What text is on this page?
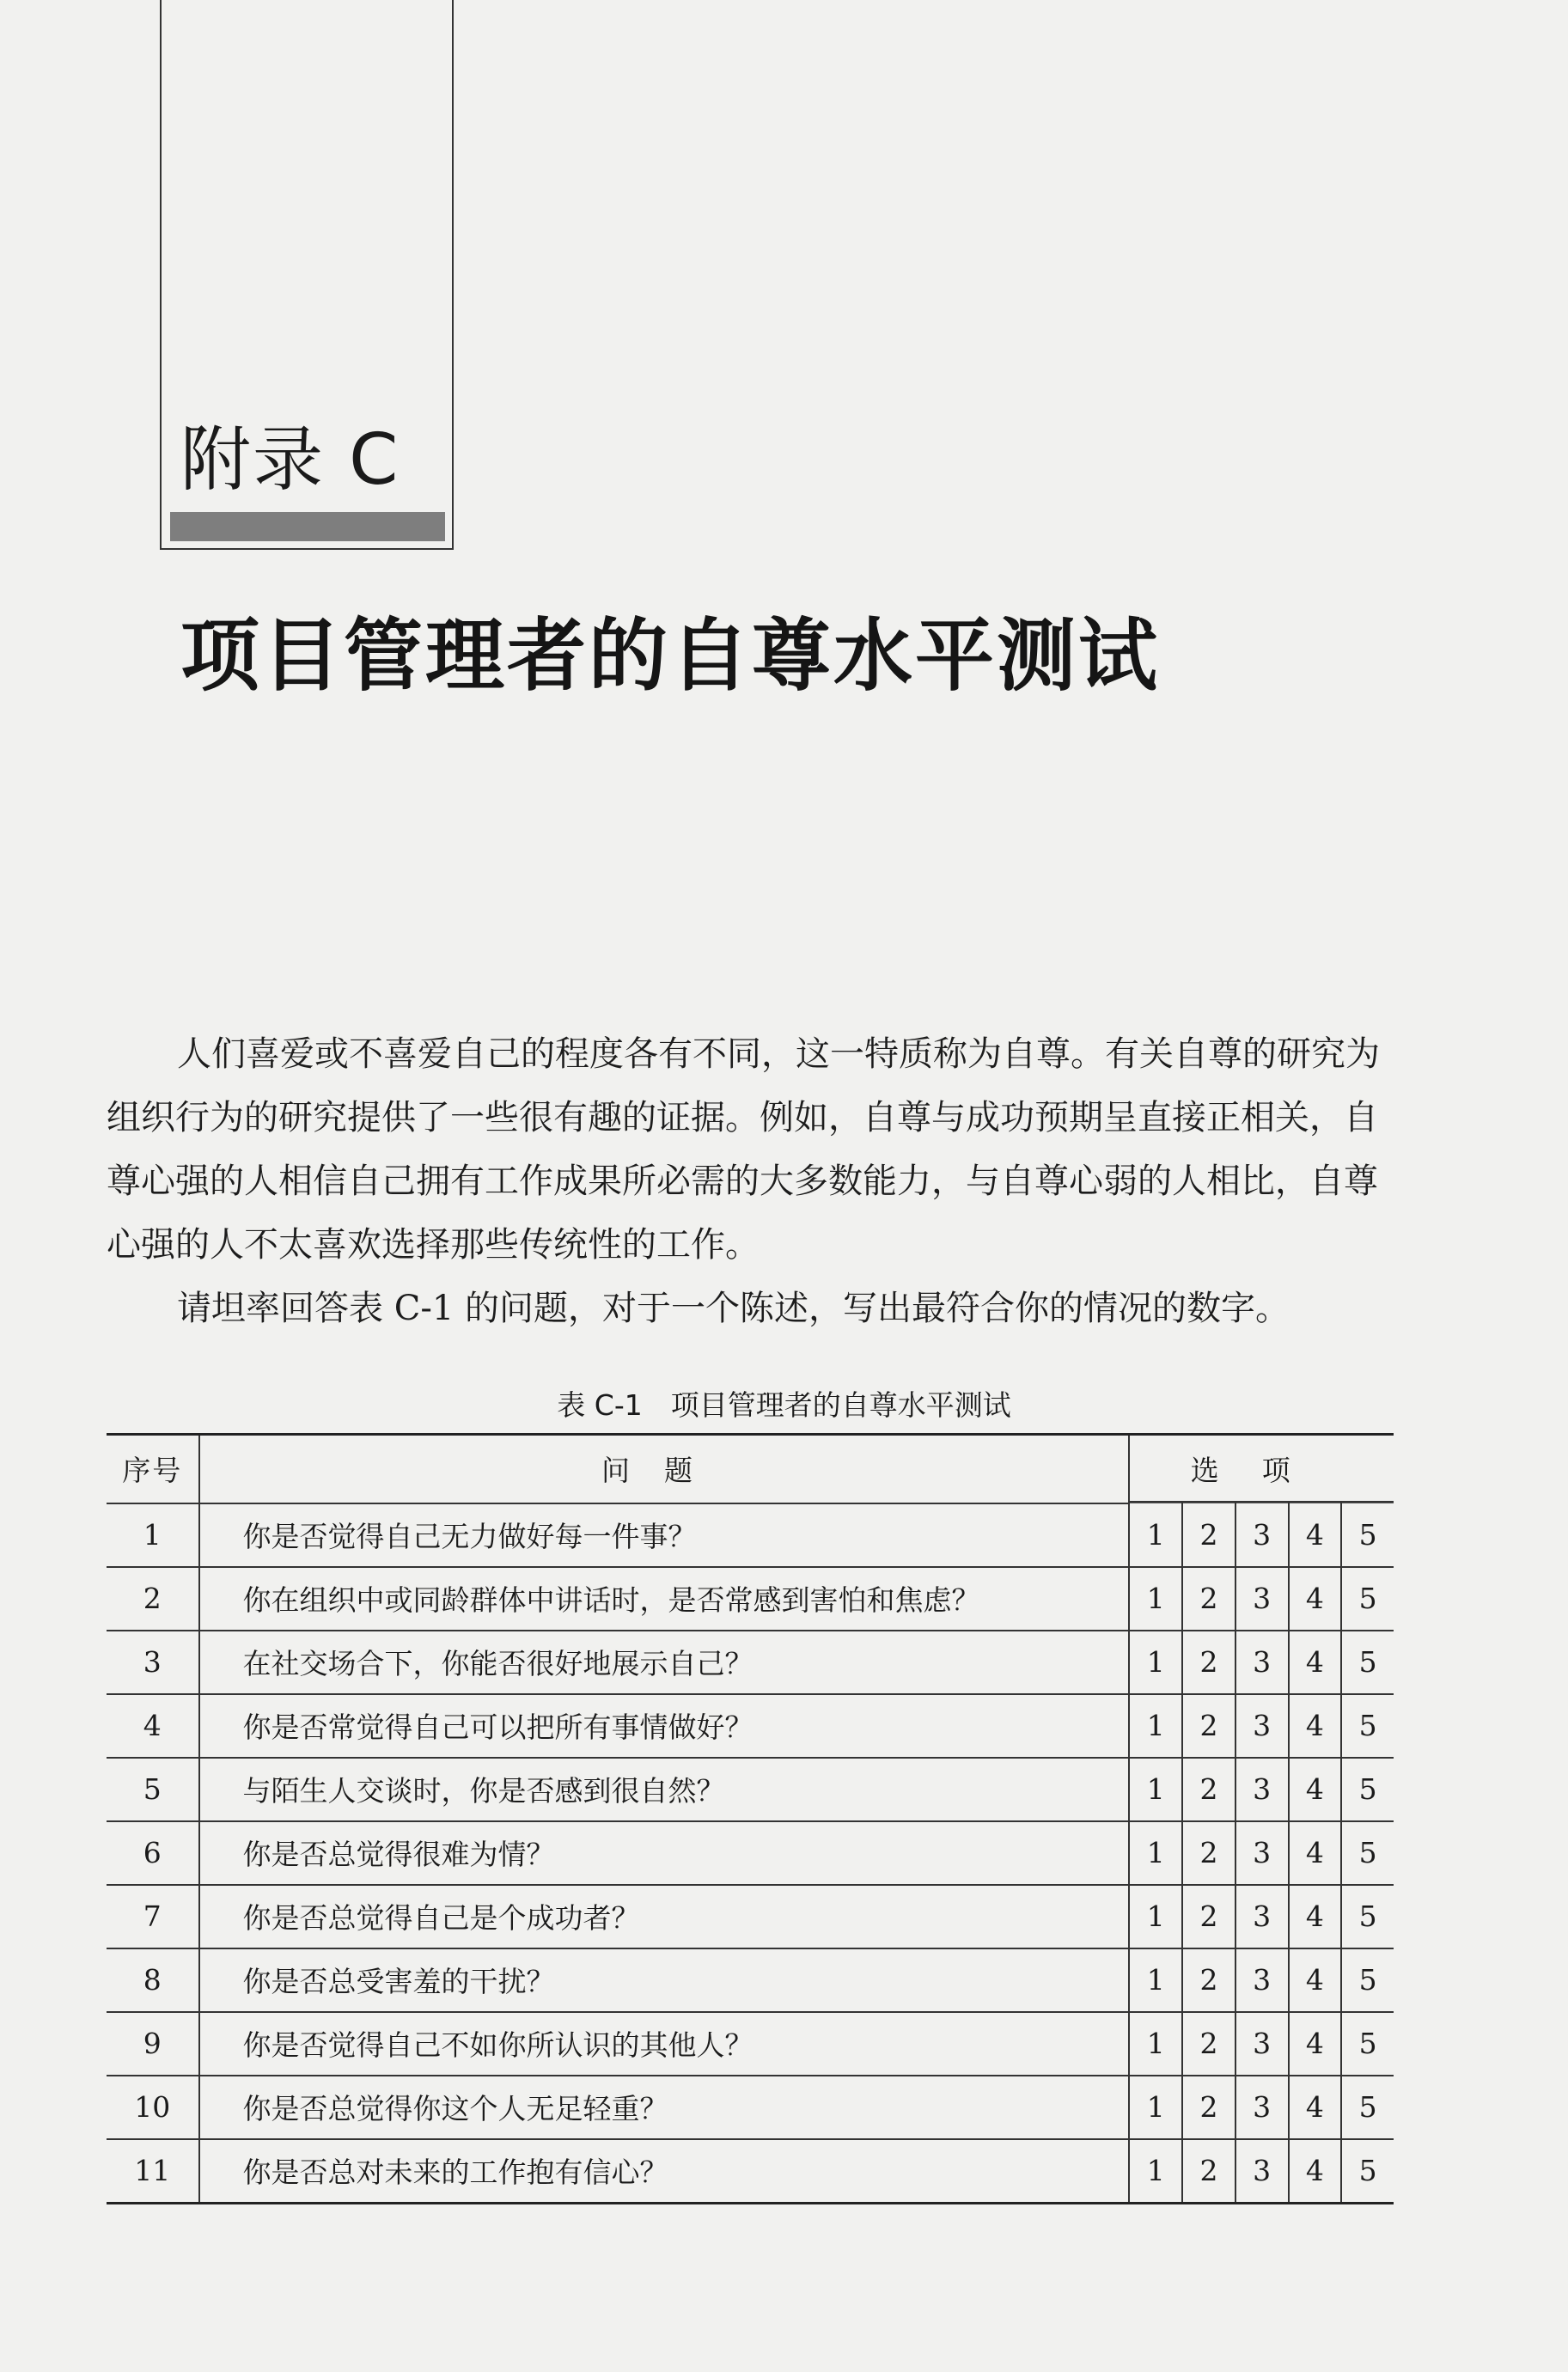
附录 C
项目管理者的自尊水平测试

人们喜爱或不喜爱自己的程度各有不同，这一特质称为自尊。有关自尊的研究为组织行为的研究提供了一些很有趣的证据。例如，自尊与成功预期呈直接正相关，自尊心强的人相信自己拥有工作成果所必需的大多数能力，与自尊心弱的人相比，自尊心强的人不太喜欢选择那些传统性的工作。

请坦率回答表 C-1 的问题，对于一个陈述，写出最符合你的情况的数字。

表 C-1　项目管理者的自尊水平测试
序号	问题	选项				

1	你是否觉得自己无力做好每一件事？	1	2	3	4	5
2	你在组织中或同龄群体中讲话时，是否常感到害怕和焦虑？	1	2	3	4	5
3	在社交场合下，你能否很好地展示自己？	1	2	3	4	5
4	你是否常觉得自己可以把所有事情做好？	1	2	3	4	5
5	与陌生人交谈时，你是否感到很自然？	1	2	3	4	5
6	你是否总觉得很难为情？	1	2	3	4	5
7	你是否总觉得自己是个成功者？	1	2	3	4	5
8	你是否总受害羞的干扰？	1	2	3	4	5
9	你是否觉得自己不如你所认识的其他人？	1	2	3	4	5
10	你是否总觉得你这个人无足轻重？	1	2	3	4	5
11	你是否总对未来的工作抱有信心？	1	2	3	4	5
